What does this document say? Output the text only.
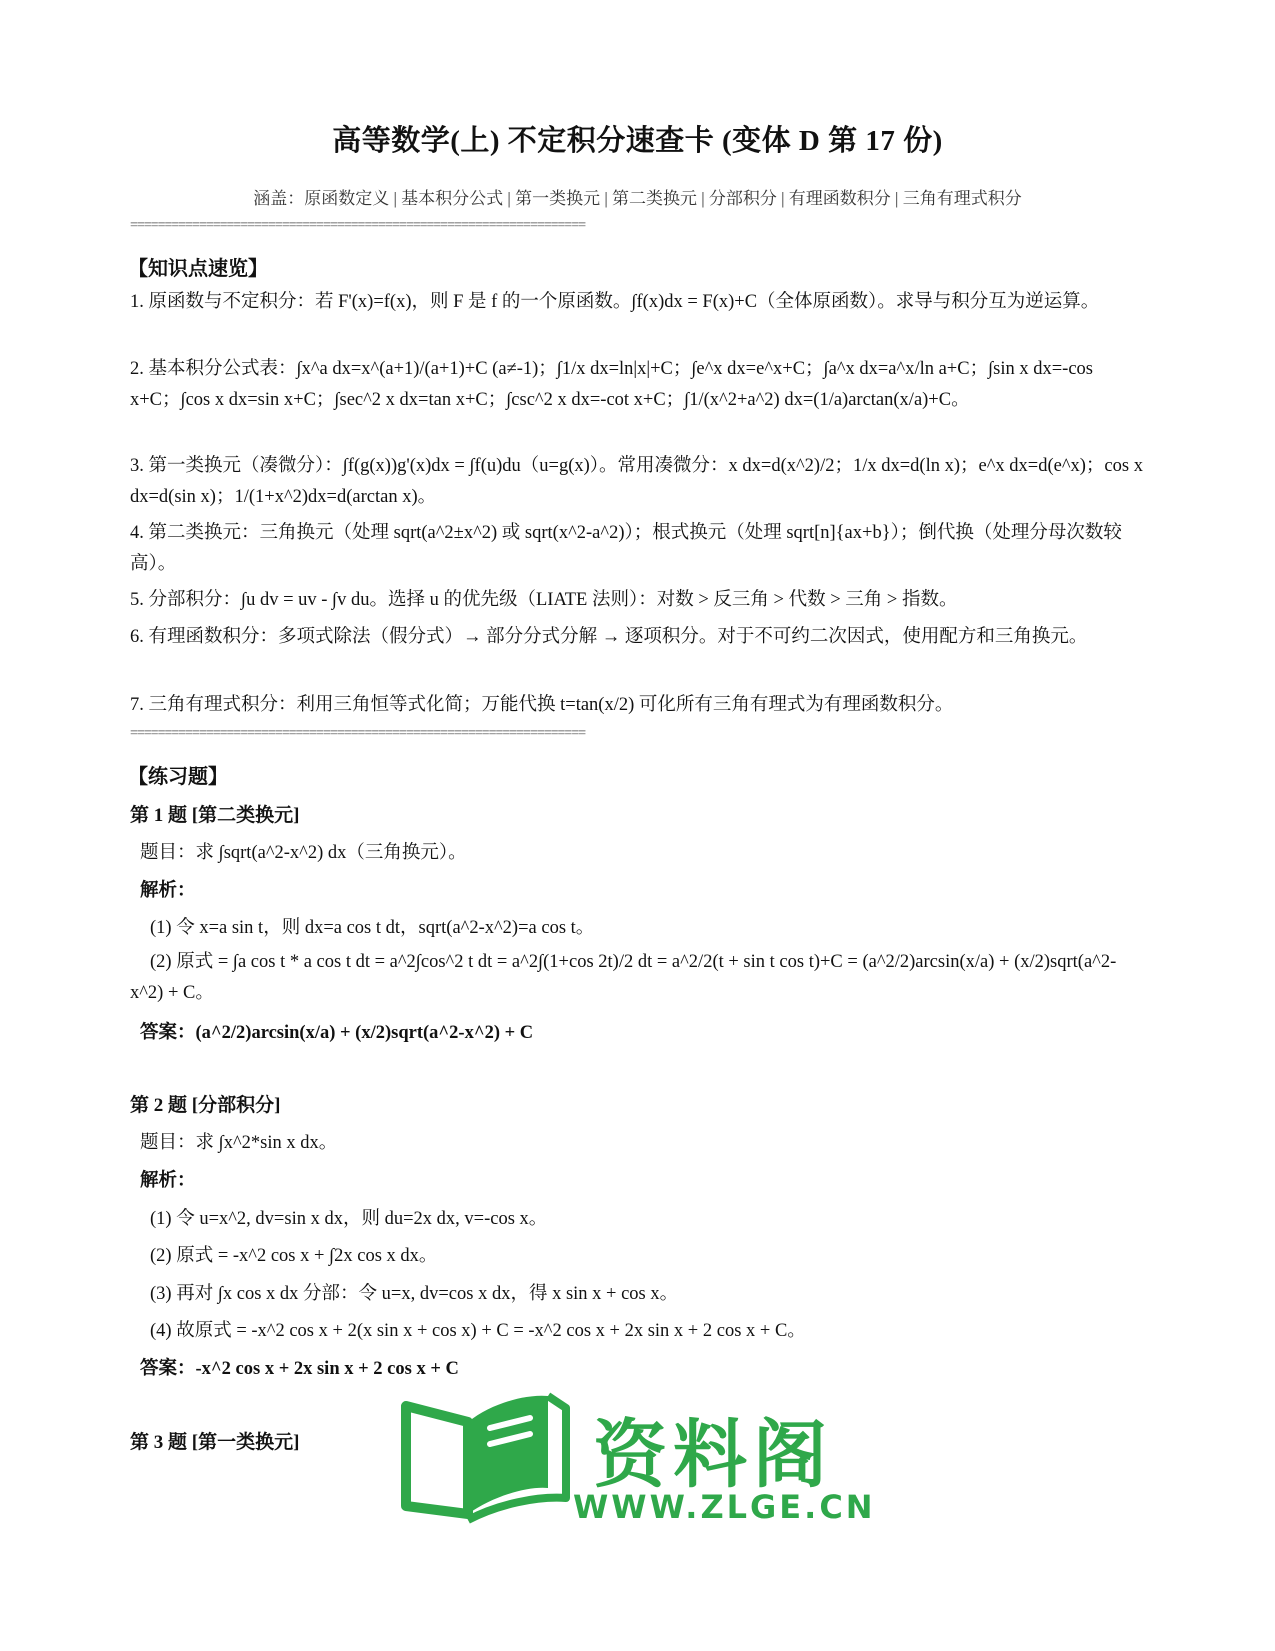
高等数学(上) 不定积分速查卡 (变体 D 第 17 份)
涵盖：原函数定义 | 基本积分公式 | 第一类换元 | 第二类换元 | 分部积分 | 有理函数积分 | 三角有理式积分
==================================================================
【知识点速览】
1. 原函数与不定积分：若 F'(x)=f(x)，则 F 是 f 的一个原函数。∫f(x)dx = F(x)+C（全体原函数）。求导与积分互为逆运算。
2. 基本积分公式表：∫x^a dx=x^(a+1)/(a+1)+C (a≠-1)；∫1/x dx=ln|x|+C；∫e^x dx=e^x+C；∫a^x dx=a^x/ln a+C；∫sin x dx=-cos x+C；∫cos x dx=sin x+C；∫sec^2 x dx=tan x+C；∫csc^2 x dx=-cot x+C；∫1/(x^2+a^2) dx=(1/a)arctan(x/a)+C。
3. 第一类换元（凑微分）：∫f(g(x))g'(x)dx = ∫f(u)du（u=g(x)）。常用凑微分：x dx=d(x^2)/2；1/x dx=d(ln x)；e^x dx=d(e^x)；cos x dx=d(sin x)；1/(1+x^2)dx=d(arctan x)。
4. 第二类换元：三角换元（处理 sqrt(a^2±x^2) 或 sqrt(x^2-a^2)）；根式换元（处理 sqrt[n]{ax+b}）；倒代换（处理分母次数较高）。
5. 分部积分：∫u dv = uv - ∫v du。选择 u 的优先级（LIATE 法则）：对数 > 反三角 > 代数 > 三角 > 指数。
6. 有理函数积分：多项式除法（假分式）→ 部分分式分解 → 逐项积分。对于不可约二次因式，使用配方和三角换元。
7. 三角有理式积分：利用三角恒等式化简；万能代换 t=tan(x/2) 可化所有三角有理式为有理函数积分。
==================================================================
【练习题】
第 1 题 [第二类换元]
题目：求 ∫sqrt(a^2-x^2) dx（三角换元）。
解析：
(1) 令 x=a sin t，则 dx=a cos t dt，sqrt(a^2-x^2)=a cos t。
(2) 原式 = ∫a cos t * a cos t dt = a^2∫cos^2 t dt = a^2∫(1+cos 2t)/2 dt = a^2/2(t + sin t cos t)+C = (a^2/2)arcsin(x/a) + (x/2)sqrt(a^2-x^2) + C。
答案：(a^2/2)arcsin(x/a) + (x/2)sqrt(a^2-x^2) + C
第 2 题 [分部积分]
题目：求 ∫x^2*sin x dx。
解析：
(1) 令 u=x^2, dv=sin x dx，则 du=2x dx, v=-cos x。
(2) 原式 = -x^2 cos x + ∫2x cos x dx。
(3) 再对 ∫x cos x dx 分部：令 u=x, dv=cos x dx，得 x sin x + cos x。
(4) 故原式 = -x^2 cos x + 2(x sin x + cos x) + C = -x^2 cos x + 2x sin x + 2 cos x + C。
答案：-x^2 cos x + 2x sin x + 2 cos x + C
第 3 题 [第一类换元]	资料阁
WWW.ZLGE.CN
